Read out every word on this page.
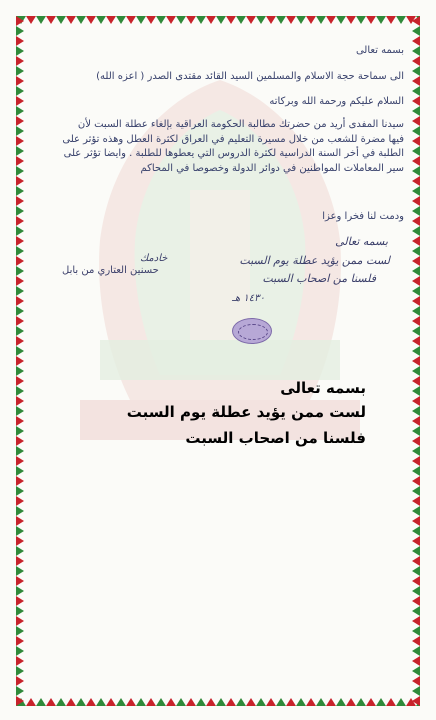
بسمه تعالى
الى سماحة حجة الاسلام والمسلمين السيد القائد مقتدى الصدر ( اعزه الله)
السلام عليكم ورحمة الله وبركاته
سيدنا المفدى أريد من حضرتك مطالبة الحكومة العراقية بإلغاء عطلة السبت لأن
فيها مضرة للشعب من خلال مسيرة التعليم في العراق لكثرة العطل وهذه تؤثر على
الطلبة في أخر السنة الدراسية لكثرة الدروس التي يعطوها للطلبة . وايضا تؤثر على
سير المعاملات المواطنين في دوائر الدولة وخصوصا في المحاكم
ودمت لنا فخرا وعزا
خادمك
حسنين العتاري من بابل
بسمه تعالى
لست ممن يؤيد عطلة يوم السبت
فلسنا من اصحاب السبت
١٤٣٠ هـ
بسمه تعالى
لست ممن يؤيد عطلة يوم السبت
فلسنا من اصحاب السبت
